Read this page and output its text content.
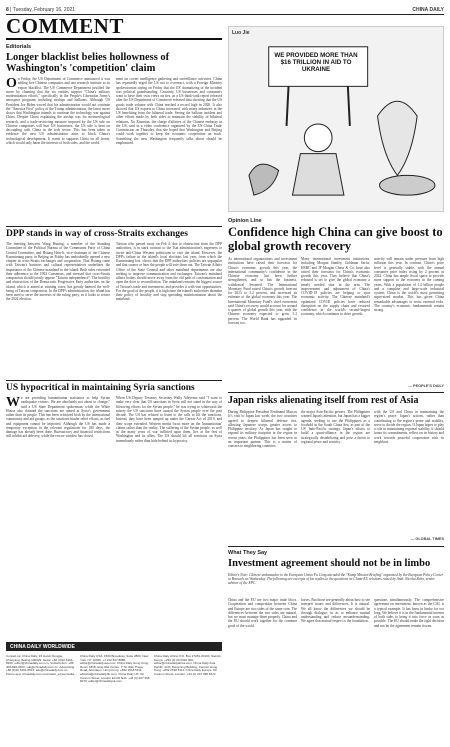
8 | Tuesday, February 16, 2021	CHINA DAILY
COMMENT
Editorials
Longer blacklist belies hollowness of Washington's 'competition' claim
On Friday, the US Department of Commerce announced it was adding five Chinese companies and one research institute to its export blacklist. The US Commerce Department justified the move by claiming that the six entities support "China's military modernization efforts," specifically in the People's Liberation Army's aerospace programs including airships and balloons. Although US President Joe Biden vowed that his administration would not continue the "America First" policy of the Trump administration, the latest move shows that Washington intends to continue the technology war against China. Despite China explaining the airship was for meteorological research, and a trade-restricting measure imposed by the US side on Chinese companies will hurt US businesses, the US side is bent on decoupling with China in the tech sector. This has been taken as evidence the new US administration aims to block China's technological development. It wants to suppress China on all fronts, which would only harm the interests of both sides, and the world.
ment on covert intelligence gathering and surveillance activities. China has repeatedly urged the US not to overreact, with a Foreign Ministry spokeswoman saying on Friday that the US' dramatizing of the incident was political grandstanding. Certainly, US businesses and consumers want to have their own views on ties, as a US think-tank report released after the US Department of Commerce released data showing that the US goods trade volume with China reached a record high in 2020. It also showed that US exports to China increased, with many industries in the US benefiting from the bilateral trade. Seeing the balloon incident and other efforts made by both sides to maintain the stability of bilateral relations, Xu Xiaonian, the charge d'affaires of the Chinese embassy in the US, said in a video conference organized by the US-China Trade Commission on Thursday, that she hoped that Washington and Beijing could work together to keep the economic cooperation on track. Something the new Washington frequently talks about should be emphasized.
DPP stands in way of cross-Straits exchanges
The meeting between Wang Huning, a member of the Standing Committee of the Political Bureau of the Communist Party of China Central Committee, and Hsiung Hsiu-li, vice-chairman of the Chinese Kuomintang party, in Beijing on Friday has undoubtedly opened a new chapter in cross-Straits exchanges and cooperation. That Hsiung came with Taiwan's business and cultural representatives underlines the importance of the Chinese mainland to the island. Both sides reiterated their adherence to the 1992 Consensus, and stressed that cross-Straits compatriots should jointly oppose "Taiwan independence". The hostility and obstruction of the Democratic Progressive Party authorities on the island, which is aimed at winning votes, has greatly harmed the well-being of Taiwan compatriots. In the DPP's administration, the island has been used to serve the interests of the ruling party, as it looks to secure the 2024 election.
Taiwan who passed away on Feb 4, due to obstruction from the DPP authorities, is in stark contrast to the Tsai administration's eagerness to invite anti-China Western politicians to visit the island. However, the DPP's failure in the island's local elections last year, from which the Kuomintang lost, shows that the DPP authorities' policies are unpopular and that sooner or later the people will vote them out. The Taiwan Affairs Office of the State Council and other mainland departments are also seeking to improve communication and exchanges. Taiwan's mainland affairs bodies should move away from the old path of confrontation and open the door to reconciliation. The mainland remains the biggest source of Taiwan's trade and investment, and provides it with vast opportunities. For the good of the people, it is high time the island's authorities abandon their policy of hostility and stop spreading misinformation about the mainland.
US hypocritical in maintaining Syria sanctions
We are providing humanitarian assistance to help Syrian earthquake victims. We are absolutely not about to change," said a US State Department spokesman, while the White House also claimed the sanctions are aimed at Syria's government rather than its people. This has been criticized both by the international community and aid groups, as the sanctions hinder relief efforts, as fuel and equipment cannot be imported. Although the US has made a temporary exception in the relevant regulations for 180 days, the damage has already been done. Bureaucracy and financial restrictions still inhibit aid delivery, while the rescue window has closed.
When US Deputy Treasury Secretary Wally Adeyemo said "I want to make very clear that US sanctions in Syria will not stand in the way of lifesaving efforts for the Syrian people," he was trying to whitewash the misery the US sanctions have caused the Syrian people over the past decade. The US has refused to listen to the calls to lift the sanctions. Instead, they have been ramped up under the Caesar Act of 2019, and their scope extended. Western media focus more on the 'humanitarian' claims rather than the reality. The suffering of the Syrian people, as well as the many years of war inflicted upon them, lies at the feet of Washington and its allies. The US should lift all sanctions on Syria immediately rather than hide behind its hypocrisy.
CHINA DAILY WORLDWIDE
Contact us: China Daily, 15 Huixin Dongjie, Chaoyang, Beijing 100029. News: +86 (0)10 6491-8366; editor@chinadaily.com.cn. Subscription: +86 400-699-0203; sub@chinadaily.com.cn. Advertising: +86 (0)10 6491-8631; ads@chinadaily.com.cn. Phone app: chinadaily.com.cn/e/static_e/newmedia
China Daily USA: 1500 Broadway, Suite 2800, New York, NY 10036. +1 212 537 8888; editor@chinadailyusa.com. China Daily Hong Kong: Room 1818, Hing Wai Centre, 7 Tin Wan Praya Road, Aberdeen, Hong Kong. +852 2518 5111; editorial@chinadailyhk.com. China Daily UK: 90 Cannon Street, London EC4N 6HA. +44 (0) 207 398 8270; editor@chinadailyuk.com
China Daily Africa: P.O. Box 27281-00100, Nairobi, Kenya. +254 (0) 20 6920 900; editor@chinadailyafrica.com. China Daily Asia Pacific: 21/F, Dongming Building, Central, Hong Kong. +852 2518 5111. China Daily Europe: 90 Cannon Street, London. +44 (0) 207 398 8270
Luo Jie
WE PROVIDED MORE THAN $16 TRILLION IN AID TO UKRAINE
Opinion Line
Confidence high China can give boost to global growth recovery
As international organizations and investment institutions have raised their forecasts for China's economic growth this year, the international community's confidence in the Chinese economy has been further strengthened, and so has the business, withdrawal lessened. The International Monetary Fund raised China's growth forecast for 2023 to 5.2 percent, and increased its estimate of the global economy this year. The International Monetary Fund's chief economist said China's recovery would account for around a quarter of global growth this year, with the Chinese economy expected to grow 5.2 percent. The World Bank has upgraded its forecast too.
Many international investment institutions, including Morgan Stanley, Goldman Sachs, HSBC and JP Morgan Chase & Co, have also raised their forecasts for China's economic growth this year. They believe that China's rebound is set to give the global economy a timely needed shot in the arm. The improvement and adjustment of China's COVID-19 policies are helping to spur economic activity. The Chinese mainland's optimized COVID policies have reduced disruption on the supply chain and restored confidence in the world's second-largest economy, which continues to drive growth.
activity will remain under pressure from high inflation this year. In contrast, China's price level is generally stable, with the annual consumer price index rising by 2 percent in 2022. China has ample fiscal space to provide more support to the economy in the coming years. With a population of 1.4 billion people and a complete and large-scale industrial system, China is the world's most promising super-sized market. This has given China remarkable advantages to resist external risks. The country's economic fundamentals remain strong.
— PEOPLE'S DAILY
Japan risks alienating itself from rest of Asia
During Philippine President Ferdinand Marcos Jr's visit to Japan last week, the two countries agreed to deepen bilateral defense ties, allowing Japanese troops greater access to Philippine territory. As Japan has sought to expand its military footprint in the region in recent years, the Philippines has been seen as an important partner. This is a matter of concern to neighboring countries.
the major Asia-Pacific powers. The Philippines wanted Japan's attention, but Japan has a bigger agenda, seeking to use the Philippines as a foothold in the South China Sea, as part of the US' Indo-Pacific strategy. Japan's efforts to build a quasi-alliance in the region are strategically destabilizing and pose a threat to regional peace and security.
with the US and China in maintaining the region's peace. Japan's actions, rather than contributing to the region's peace and stability, serve to divide the region. If Japan hopes to play a role in maintaining regional stability, it should honor its commitments, reflect on its history and work towards peaceful cooperation with its neighbors.
— GLOBAL TIMES
What They Say
Investment agreement should not be in limbo
Editor's Note: Chinese ambassador to the European Union Fu Cong attended the "Kamp Mission Briefing" organized by the European Policy Center in Brussels on Wednesday. The following are excerpts of his replies to the questions on China-EU relations raised by Amb. Nicolai Zahn, senior adviser of the EPC.
China and the EU are two major trade blocs. Cooperation and competition between China and Europe are two sides of the same coin. The differences between the two sides are natural, but we must manage them properly. China and the EU should work together for the common good of the world.
losses. But those are generally about how to see interpret issues and differences. It is natural. We all know the differences we should be through dialogue, so as to enhance mutual understanding and reduce misunderstanding. We agree that mutual respect is the foundation.
questions simultaneously. The comprehensive agreement on investment, known as the CAI, is a typical example. It has been in limbo for too long. We believe it is in the fundamental interest of both sides to bring it into force as soon as possible. The EU should make the right decision and not let the agreement remain frozen.
